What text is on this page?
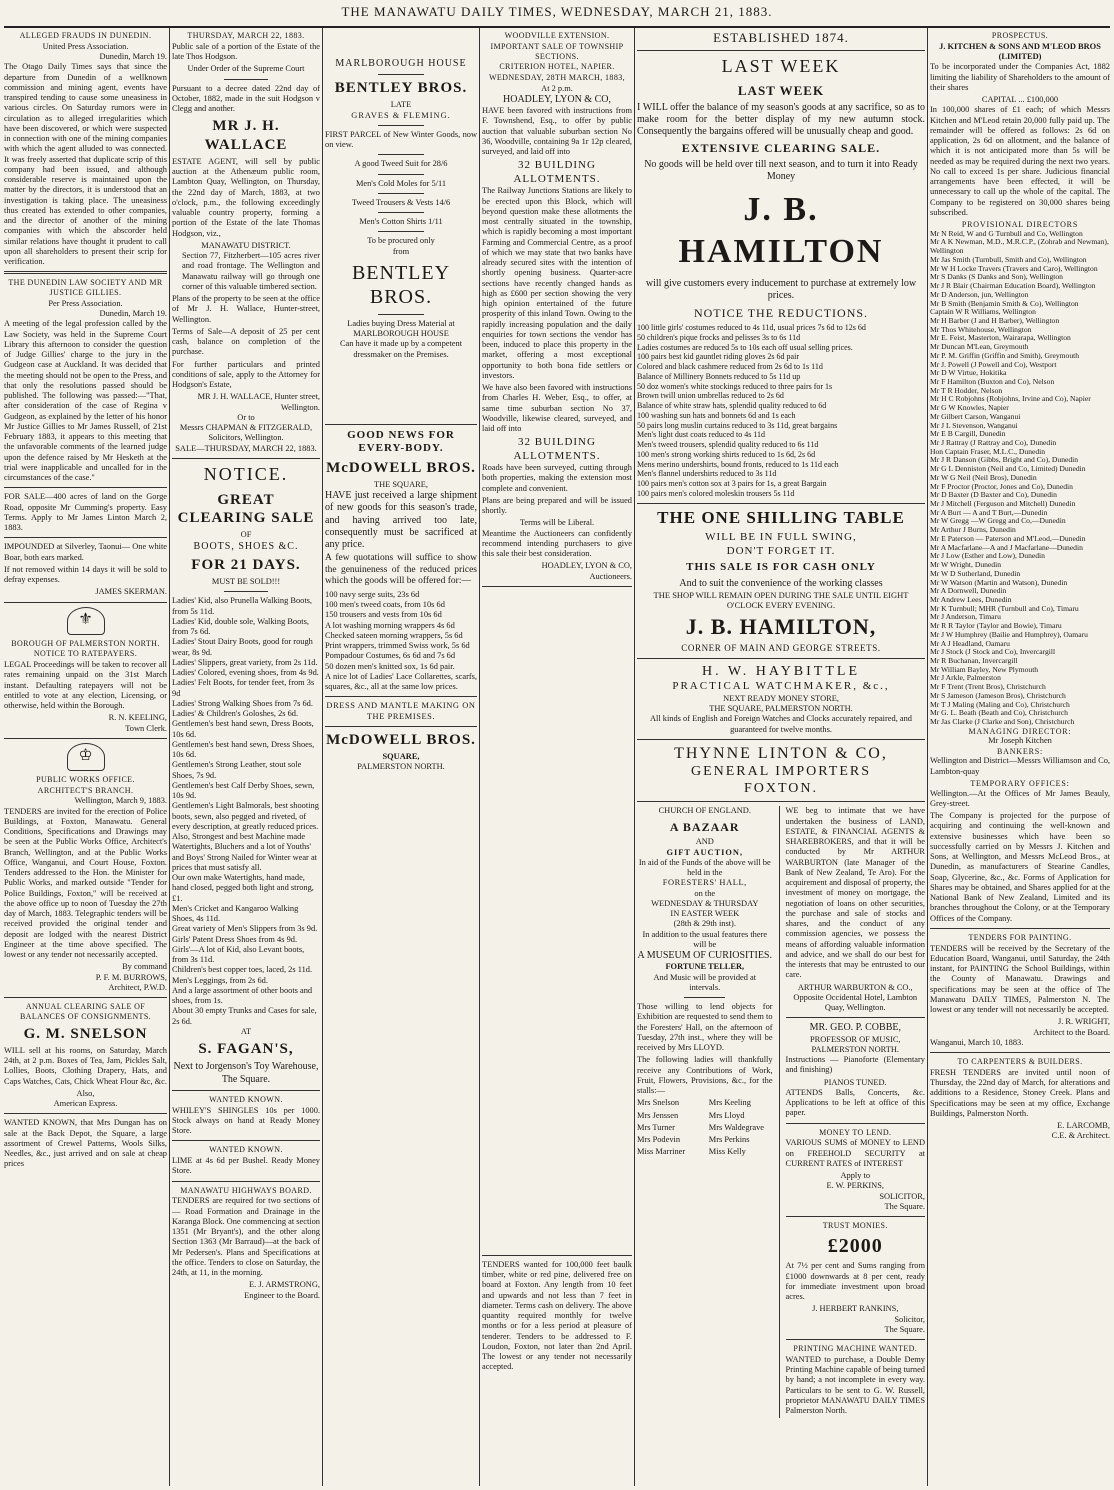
THE MANAWATU DAILY TIMES, WEDNESDAY, MARCH 21, 1883.
ALLEGED FRAUDS IN DUNEDIN.
United Press Association.
Dunedin, March 19.

The Otago Daily Times says that since the departure from Dunedin of a wellknown commission and mining agent, events have transpired tending to cause some uneasiness in various circles. On Saturday rumors were in circulation as to alleged irregularities which have been discovered, or which were suspected in connection with one of the mining companies with which the agent alluded to was connected. It was freely asserted that duplicate scrip of this company had been issued, and although considerable reserve is maintained upon the matter by the directors, it is understood that an investigation is taking place. The uneasiness thus created has extended to other companies, and the director of another of the mining companies with which the abscorder held similar relations have thought it prudent to call upon all shareholders to present their scrip for verification.

THE DUNEDIN LAW SOCIETY AND MR JUSTICE GILLIES.
Per Press Association.
Dunedin, March 19.

A meeting of the legal profession called by the Law Society, was held in the Supreme Court Library this afternoon to consider the question of Judge Gillies' charge to the jury in the Gudgeon case at Auckland. It was decided that the meeting should not be open to the Press, and that only the resolutions passed should be published. The following was passed:—"That, after consideration of the case of Regina v Gudgeon, as explained by the letter of his honor Mr Justice Gillies to Mr James Russell, of 21st February 1883, it appears to this meeting that the unfavorable comments of the learned judge upon the defence raised by Mr Hesketh at the trial were inapplicable and uncalled for in the circumstances of the case."

FOR SALE—400 acres of land on the Gorge Road, opposite Mr Cumming's property. Easy Terms. Apply to Mr James Linton March 2, 1883.

IMPOUNDED at Silverley, Taonui— One white Boar, both ears marked.

If not removed within 14 days it will be sold to defray expenses.

JAMES SKERMAN.
⚜
BOROUGH OF PALMERSTON NORTH.
NOTICE TO RATEPAYERS.

LEGAL Proceedings will be taken to recover all rates remaining unpaid on the 31st March instant. Defaulting ratepayers will not be entitled to vote at any election, Licensing, or otherwise, held within the Borough.

R. N. KEELING,
Town Clerk.
♔
PUBLIC WORKS OFFICE.
ARCHITECT'S BRANCH.
Wellington, March 9, 1883.

TENDERS are invited for the erection of Police Buildings, at Foxton, Manawatu. General Conditions, Specifications and Drawings may be seen at the Public Works Office, Architect's Branch, Wellington, and at the Public Works Office, Wanganui, and Court House, Foxton. Tenders addressed to the Hon. the Minister for Public Works, and marked outside "Tender for Police Buildings, Foxton," will be received at the above office up to noon of Tuesday the 27th day of March, 1883. Telegraphic tenders will be received provided the original tender and deposit are lodged with the nearest District Engineer at the time above specified. The lowest or any tender not necessarily accepted.

By command
P. F. M. BURROWS,
Architect, P.W.D.
ANNUAL CLEARING SALE OF BALANCES OF CONSIGNMENTS.
G. M. SNELSON

WILL sell at his rooms, on Saturday, March 24th, at 2 p.m. Boxes of Tea, Jam, Pickles Salt, Lollies, Boots, Clothing Drapery, Hats, and Caps Watches, Cats, Chick Wheat Flour &c, &c.

Also,
American Express.

WANTED KNOWN, that Mrs Dungan has on sale at the Back Depot, the Square, a large assortment of Crewel Patterns, Wools Silks, Needles, &c., just arrived and on sale at cheap prices

THURSDAY, MARCH 22, 1883.

Public sale of a portion of the Estate of the late Thos Hodgson.

Under Order of the Supreme Court

Pursuant to a decree dated 22nd day of October, 1882, made in the suit Hodgson v Clegg and another.

MR J. H. WALLACE

ESTATE AGENT, will sell by public auction at the Athenæum public room, Lambton Quay, Wellington, on Thursday, the 22nd day of March, 1883, at two o'clock, p.m., the following exceedingly valuable country property, forming a portion of the Estate of the late Thomas Hodgson, viz.,

MANAWATU DISTRICT.

Section 77, Fitzherbert—105 acres river and road frontage. The Wellington and Manawatu railway will go through one corner of this valuable timbered section.

Plans of the property to be seen at the office of Mr J. H. Wallace, Hunter-street, Wellington.

Terms of Sale—A deposit of 25 per cent cash, balance on completion of the purchase.

For further particulars and printed conditions of sale, apply to the Attorney for Hodgson's Estate,

MR J. H. WALLACE, Hunter street, Wellington.
Or to
Messrs CHAPMAN & FITZGERALD, Solicitors, Wellington.
SALE—THURSDAY, MARCH 22, 1883.
NOTICE.
GREAT CLEARING SALE
OF
BOOTS, SHOES &C.
FOR 21 DAYS.
MUST BE SOLD!!!

Ladies' Kid, also Prunella Walking Boots, from 5s 11d.

Ladies' Kid, double sole, Walking Boots, from 7s 6d.

Ladies' Stout Dairy Boots, good for rough wear, 8s 9d.

Ladies' Slippers, great variety, from 2s 11d.

Ladies' Colored, evening shoes, from 4s 9d.

Ladies' Felt Boots, for tender feet, from 3s 9d

Ladies' Strong Walking Shoes from 7s 6d.

Ladies' & Children's Goloshes, 2s 6d.

Gentlemen's best hand sewn, Dress Boots, 10s 6d.

Gentlemen's best hand sewn, Dress Shoes, 10s 6d.

Gentlemen's Strong Leather, stout sole Shoes, 7s 9d.

Gentlemen's best Calf Derby Shoes, sewn, 10s 9d.

Gentlemen's Light Balmorals, best shooting boots, sewn, also pegged and riveted, of every description, at greatly reduced prices.

Also, Strongest and best Machine made Watertights, Bluchers and a lot of Youths' and Boys' Strong Nailed for Winter wear at prices that must satisfy all.

Our own make Watertights, hand made, hand closed, pegged both light and strong, £1.

Men's Cricket and Kangaroo Walking Shoes, 4s 11d.

Great variety of Men's Slippers from 3s 9d.

Girls' Patent Dress Shoes from 4s 9d.

Girls'—A lot of Kid, also Levant boots, from 3s 11d.

Children's best copper toes, laced, 2s 11d.

Men's Leggings, from 2s 6d.

And a large assortment of other boots and shoes, from 1s.

About 30 empty Trunks and Cases for sale, 2s 6d.

AT
S. FAGAN'S,
Next to Jorgenson's Toy Warehouse, The Square.
WANTED KNOWN.

WHILEY'S SHINGLES 10s per 1000. Stock always on hand at Ready Money Store.

WANTED KNOWN.

LIME at 4s 6d per Bushel. Ready Money Store.

MANAWATU HIGHWAYS BOARD.

TENDERS are required for two sections of— Road Formation and Drainage in the Karanga Block. One commencing at section 1351 (Mr Bryant's), and the other along Section 1363 (Mr Barraud)—at the back of Mr Pedersen's. Plans and Specifications at the office. Tenders to close on Saturday, the 24th, at 11, in the morning.

E. J. ARMSTRONG,
Engineer to the Board.
MARLBOROUGH HOUSE
BENTLEY BROS.
LATE
GRAVES & FLEMING.

FIRST PARCEL of New Winter Goods, now on view.

A good Tweed Suit for 28/6
Men's Cold Moles for 5/11
Tweed Trousers & Vests 14/6
Men's Cotton Shirts 1/11
To be procured only
from
BENTLEY BROS.
Ladies buying Dress Material at
MARLBOROUGH HOUSE
Can have it made up by a competent
dressmaker on the Premises.
GOOD NEWS FOR EVERY-BODY.
McDOWELL BROS.
THE SQUARE,

HAVE just received a large shipment of new goods for this season's trade, and having arrived too late, consequently must be sacrificed at any price.

A few quotations will suffice to show the genuineness of the reduced prices which the goods will be offered for:—

100 navy serge suits, 23s 6d

100 men's tweed coats, from 10s 6d

150 trousers and vests from 10s 6d

A lot washing morning wrappers 4s 6d

Checked sateen morning wrappers, 5s 6d

Print wrappers, trimmed Swiss work, 5s 6d

Pompadour Costumes, 6s 6d and 7s 6d

50 dozen men's knitted sox, 1s 6d pair.

A nice lot of Ladies' Lace Collarettes, scarfs, squares, &c., all at the same low prices.

DRESS AND MANTLE MAKING ON THE PREMISES.
McDOWELL BROS.
SQUARE,
PALMERSTON NORTH.
WOODVILLE EXTENSION.
IMPORTANT SALE OF TOWNSHIP SECTIONS.
CRITERION HOTEL, NAPIER.
WEDNESDAY, 28TH MARCH, 1883,
At 2 p.m.
HOADLEY, LYON & CO,

HAVE been favored with instructions from F. Townshend, Esq., to offer by public auction that valuable suburban section No 36, Woodville, containing 9a 1r 12p cleared, surveyed, and laid off into

32 BUILDING ALLOTMENTS.

The Railway Junctions Stations are likely to be erected upon this Block, which will beyond question make these allotments the most centrally situated in the township, which is rapidly becoming a most important Farming and Commercial Centre, as a proof of which we may state that two banks have already secured sites with the intention of shortly opening business. Quarter-acre sections have recently changed hands as high as £600 per section showing the very high opinion entertained of the future prosperity of this inland Town. Owing to the rapidly increasing population and the daily enquiries for town sections the vendor has been, induced to place this property in the market, offering a most exceptional opportunity to both bona fide settlers or investors.

We have also been favored with instructions from Charles H. Weber, Esq., to offer, at same time suburban section No 37, Woodville, likewise cleared, surveyed, and laid off into

32 BUILDING ALLOTMENTS.

Roads have been surveyed, cutting through both properties, making the extension most complete and convenient.

Plans are being prepared and will be issued shortly.

Terms will be Liberal.

Meantime the Auctioneers can confidently recommend intending purchasers to give this sale their best consideration.

HOADLEY, LYON & CO,
Auctioneers.

TENDERS wanted for 100,000 feet baulk timber, white or red pine, delivered free on board at Foxton. Any length from 10 feet and upwards and not less than 7 feet in diameter. Terms cash on delivery. The above quantity required monthly for twelve months or for a less period at pleasure of tenderer. Tenders to be addressed to F. Loudon, Foxton, not later than 2nd April. The lowest or any tender not necessarily accepted.

ESTABLISHED 1874.
LAST WEEK
LAST WEEK

I WILL offer the balance of my season's goods at any sacrifice, so as to make room for the better display of my new autumn stock. Consequently the bargains offered will be unusually cheap and good.

EXTENSIVE CLEARING SALE.
No goods will be held over till next season, and to turn it into Ready Money
J. B. HAMILTON
will give customers every inducement to purchase at extremely low prices.
NOTICE THE REDUCTIONS.

100 little girls' costumes reduced to 4s 11d, usual prices 7s 6d to 12s 6d

50 children's pique frocks and pelisses 3s to 6s 11d

Ladies costumes are reduced 5s to 10s each off usual selling prices.

100 pairs best kid gauntlet riding gloves 2s 6d pair

Colored and black cashmere reduced from 2s 6d to 1s 11d

Balance of Millinery Bonnets reduced to 5s 11d up

50 doz women's white stockings reduced to three pairs for 1s

Brown twill union umbrellas reduced to 2s 6d

Balance of white straw hats, splendid quality reduced to 6d

100 washing sun hats and bonnets 6d and 1s each

50 pairs long muslin curtains reduced to 3s 11d, great bargains

Men's light dust coats reduced to 4s 11d

Men's tweed trousers, splendid quality reduced to 6s 11d

100 men's strong working shirts reduced to 1s 6d, 2s 6d

Mens merino undershirts, bound fronts, reduced to 1s 11d each

Men's flannel undershirts reduced to 3s 11d

100 pairs men's cotton sox at 3 pairs for 1s, a great Bargain

100 pairs men's colored moleskin trousers 5s 11d

THE ONE SHILLING TABLE
WILL BE IN FULL SWING,
DON'T FORGET IT.
THIS SALE IS FOR CASH ONLY
And to suit the convenience of the working classes
THE SHOP WILL REMAIN OPEN DURING THE SALE UNTIL EIGHT O'CLOCK EVERY EVENING.
J. B. HAMILTON,
CORNER OF MAIN AND GEORGE STREETS.
H. W. HAYBITTLE
PRACTICAL WATCHMAKER, &c.,
NEXT READY MONEY STORE,
THE SQUARE, PALMERSTON NORTH.
All kinds of English and Foreign Watches and Clocks accurately repaired, and guaranteed for twelve months.
THYNNE LINTON & CO,
GENERAL IMPORTERS
FOXTON.
CHURCH OF ENGLAND.
A BAZAAR
AND
GIFT AUCTION,
In aid of the Funds of the above will be held in the
FORESTERS' HALL,
on the
WEDNESDAY & THURSDAY
IN EASTER WEEK
(28th & 29th inst).
In addition to the usual features there will be
A MUSEUM OF CURIOSITIES.
FORTUNE TELLER,
And Music will be provided at intervals.

Those willing to lend objects for Exhibition are requested to send them to the Foresters' Hall, on the afternoon of Tuesday, 27th inst., where they will be received by Mrs LLOYD.

The following ladies will thankfully receive any Contributions of Work, Fruit, Flowers, Provisions, &c., for the stalls:—

Mrs Snelson

Mrs Jenssen

Mrs Turner

Mrs Podevin

Miss Marriner

Mrs Keeling

Mrs Lloyd

Mrs Waldegrave

Mrs Perkins

Miss Kelly

WE beg to intimate that we have undertaken the business of LAND, ESTATE, & FINANCIAL AGENTS & SHAREBROKERS, and that it will be conducted by Mr ARTHUR WARBURTON (late Manager of the Bank of New Zealand, Te Aro). For the acquirement and disposal of property, the investment of money on mortgage, the negotiation of loans on other securities, the purchase and sale of stocks and shares, and the conduct of any commission agencies, we possess the means of affording valuable information and advice, and we shall do our best for the interests that may be entrusted to our care.

ARTHUR WARBURTON & CO.,
Opposite Occidental Hotel, Lambton Quay, Wellington.
MR. GEO. P. COBBE,
PROFESSOR OF MUSIC,
PALMERSTON NORTH.

Instructions — Pianoforte (Elementary and finishing)

PIANOS TUNED.

ATTENDS Balls, Concerts, &c. Applications to be left at office of this paper.

MONEY TO LEND.

VARIOUS SUMS of MONEY to LEND on FREEHOLD SECURITY at CURRENT RATES of INTEREST

Apply to
E. W. PERKINS,
SOLICITOR,
The Square.
TRUST MONIES.
£2000

At 7½ per cent and Sums ranging from £1000 downwards at 8 per cent, ready for immediate investment upon broad acres.

J. HERBERT RANKINS,
Solicitor,
The Square.
PRINTING MACHINE WANTED.

WANTED to purchase, a Double Demy Printing Machine capable of being turned by hand; a not incomplete in every way. Particulars to be sent to G. W. Russell, proprietor MANAWATU DAILY TIMES Palmerston North.

PROSPECTUS.
J. KITCHEN & SONS AND M'LEOD BROS (LIMITED)

To be incorporated under the Companies Act, 1882 limiting the liability of Shareholders to the amount of their shares

CAPITAL ... £100,000

In 100,000 shares of £1 each; of which Messrs Kitchen and M'Leod retain 20,000 fully paid up. The remainder will be offered as follows: 2s 6d on application, 2s 6d on allotment, and the balance of which it is not anticipated more than 5s will be needed as may be required during the next two years. No call to exceed 1s per share. Judicious financial arrangements have been effected, it will be unnecessary to call up the whole of the capital. The Company to be registered on 30,000 shares being subscribed.

PROVISIONAL DIRECTORS

Mr N Reid, W and G Turnbull and Co, Wellington

Mr A K Newman, M.D., M.R.C.P., (Zohrab and Newman), Wellington

Mr Jas Smith (Turnbull, Smith and Co), Wellington

Mr W H Locke Travers (Travers and Caro), Wellington

Mr S Danks (S Danks and Son), Wellington

Mr J R Blair (Chairman Education Board), Wellington

Mr D Anderson, jun, Wellington

Mr B Smith (Benjamin Smith & Co), Wellington

Captain W R Williams, Wellington

Mr H Barber (J and H Barber), Wellington

Mr Thos Whitehouse, Wellington

Mr E. Feist, Masterton, Wairarapa, Wellington

Mr Duncan M'Lean, Greymouth

Mr P. M. Griffin (Griffin and Smith), Greymouth

Mr J. Powell (J Powell and Co), Westport

Mr D W Virtue, Hokitika

Mr F Hamilton (Buxton and Co), Nelson

Mr T R Hodder, Nelson

Mr H C Robjohns (Robjohns, Irvine and Co), Napier

Mr G W Knowles, Napier

Mr Gilbert Carson, Wanganui

Mr J L Stevenson, Wanganui

Mr E B Cargill, Dunedin

Mr J Rattray (J Rattray and Co), Dunedin

Hon Captain Fraser, M.L.C., Dunedin

Mr J R Danson (Gibbs, Bright and Co), Dunedin

Mr G L Denniston (Neil and Co, Limited) Dunedin

Mr W G Neil (Neil Bros), Dunedin

Mr F Proctor (Proctor, Jones and Co), Dunedin

Mr D Baxter (D Baxter and Co), Dunedin

Mr J Mitchell (Ferguson and Mitchell) Dunedin

Mr A Burt — A and T Burt,—Dunedin

Mr W Gregg —W Gregg and Co,—Dunedin

Mr Arthur J Burns, Dunedin

Mr E Paterson — Paterson and M'Leod,—Dunedin

Mr A Macfarlane—A and J Macfarlane—Dunedin

Mr J Low (Esther and Low), Dunedin

Mr W Wright, Dunedin

Mr W D Sutherland, Dunedin

Mr W Watson (Martin and Watson), Dunedin

Mr A Dornwell, Dunedin

Mr Andrew Lees, Dunedin

Mr K Turnbull; MHR (Turnbull and Co), Timaru

Mr J Anderson, Timaru

Mr R R Taylor (Taylor and Bowie), Timaru

Mr J W Humphrey (Bailie and Humphrey), Oamaru

Mr A J Headland, Oamaru

Mr J Stock (J Stock and Co), Invercargill

Mr R Buchanan, Invercargill

Mr William Bayley, New Plymouth

Mr J Arkle, Palmerston

Mr F Trent (Trent Bros), Christchurch

Mr S Jameson (Jameson Bros), Christchurch

Mr T J Maling (Maling and Co), Christchurch

Mr G. L. Beath (Beath and Co), Christchurch

Mr Jas Clarke (J Clarke and Son), Christchurch

MANAGING DIRECTOR:
Mr Joseph Kitchen
BANKERS:

Wellington and District—Messrs Williamson and Co, Lambton-quay

TEMPORARY OFFICES:

Wellington.—At the Offices of Mr James Beauly, Grey-street.

The Company is projected for the purpose of acquiring and continuing the well-known and extensive businesses which have been so successfully carried on by Messrs J. Kitchen and Sons, at Wellington, and Messrs McLeod Bros., at Dunedin, as manufacturers of Stearine Candles, Soap, Glycerine, &c., &c. Forms of Application for Shares may be obtained, and Shares applied for at the National Bank of New Zealand, Limited and its branches throughout the Colony, or at the Temporary Offices of the Company.

TENDERS FOR PAINTING.

TENDERS will be received by the Secretary of the Education Board, Wanganui, until Saturday, the 24th instant, for PAINTING the School Buildings, within the County of Manawatu. Drawings and specifications may be seen at the office of The Manawatu DAILY TIMES, Palmerston N. The lowest or any tender will not necessarily be accepted.

J. R. WRIGHT,
Architect to the Board.
Wanganui, March 10, 1883.
TO CARPENTERS & BUILDERS.

FRESH TENDERS are invited until noon of Thursday, the 22nd day of March, for alterations and additions to a Residence, Stoney Creek. Plans and Specifications may be seen at my office, Exchange Buildings, Palmerston North.

E. LARCOMB,
C.E. & Architect.
